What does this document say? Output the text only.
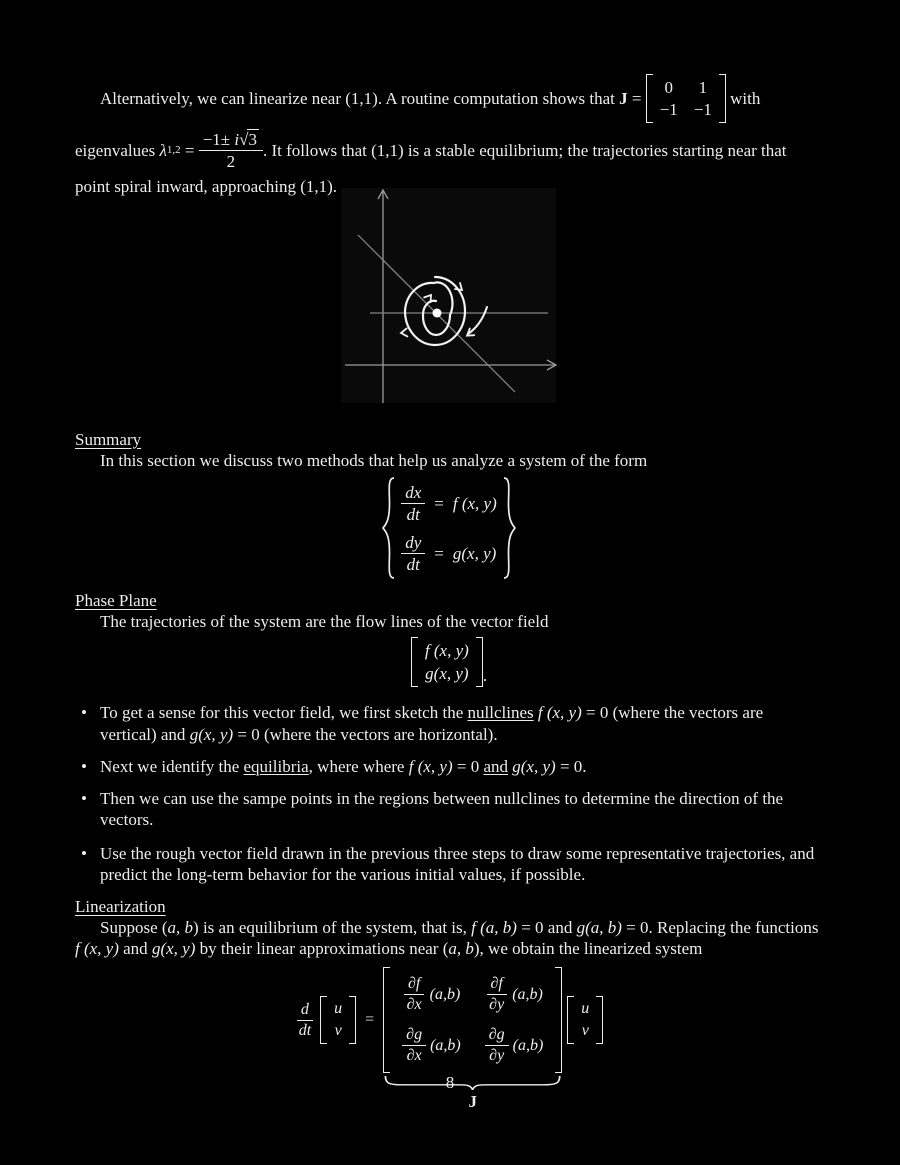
Alternatively, we can linearize near (1,1). A routine computation shows that J =
0 1
−1 −1
with
eigenvalues λ $1,2 = \frac{-1\pm i√3}{2}$ . It follows that (1,1) is a stable equilibrium; the trajectories starting near that
point spiral inward, approaching (1,1).
Summary
In this section we discuss two methods that help us analyze a system of the form
$\frac{dx}{dt} = f$ (x, y)
$\frac{dy}{dt} = g(x$, y)
Phase Plane
The trajectories of the system are the flow lines of the vector field
f (x, y)
g(x, y) .
• To get a sense for this vector field, we first sketch the nullclines f (x, y) = 0 (where the vectors are vertical) and g(x, y) = 0 (where the vectors are horizontal).
• Next we identify the equilibria, where where f (x, y) = 0 and g(x, y) = 0.
• Then we can use the sampe points in the regions between nullclines to determine the direction of the vectors.
• Use the rough vector field drawn in the previous three steps to draw some representative trajectories, and predict the long-term behavior for the various initial values, if possible.
Linearization

Suppose (a, b) is an equilibrium of the system, that is, f (a, b) = 0 and g(a, b) = 0. Replacing the functions f (x, y) and g(x, y) by their linear approximations near (a, b), we obtain the linearized system

$\frac{d}{dt}$ u
v
=
$\frac{\partial f}{\partial x} (a,b) \frac{\partial f}{\partial y} (a,b)$
$\frac{\partial g}{\partial x} (a,b) \frac{\partial g}{\partial y} (a,b)$
J
u
v
8
